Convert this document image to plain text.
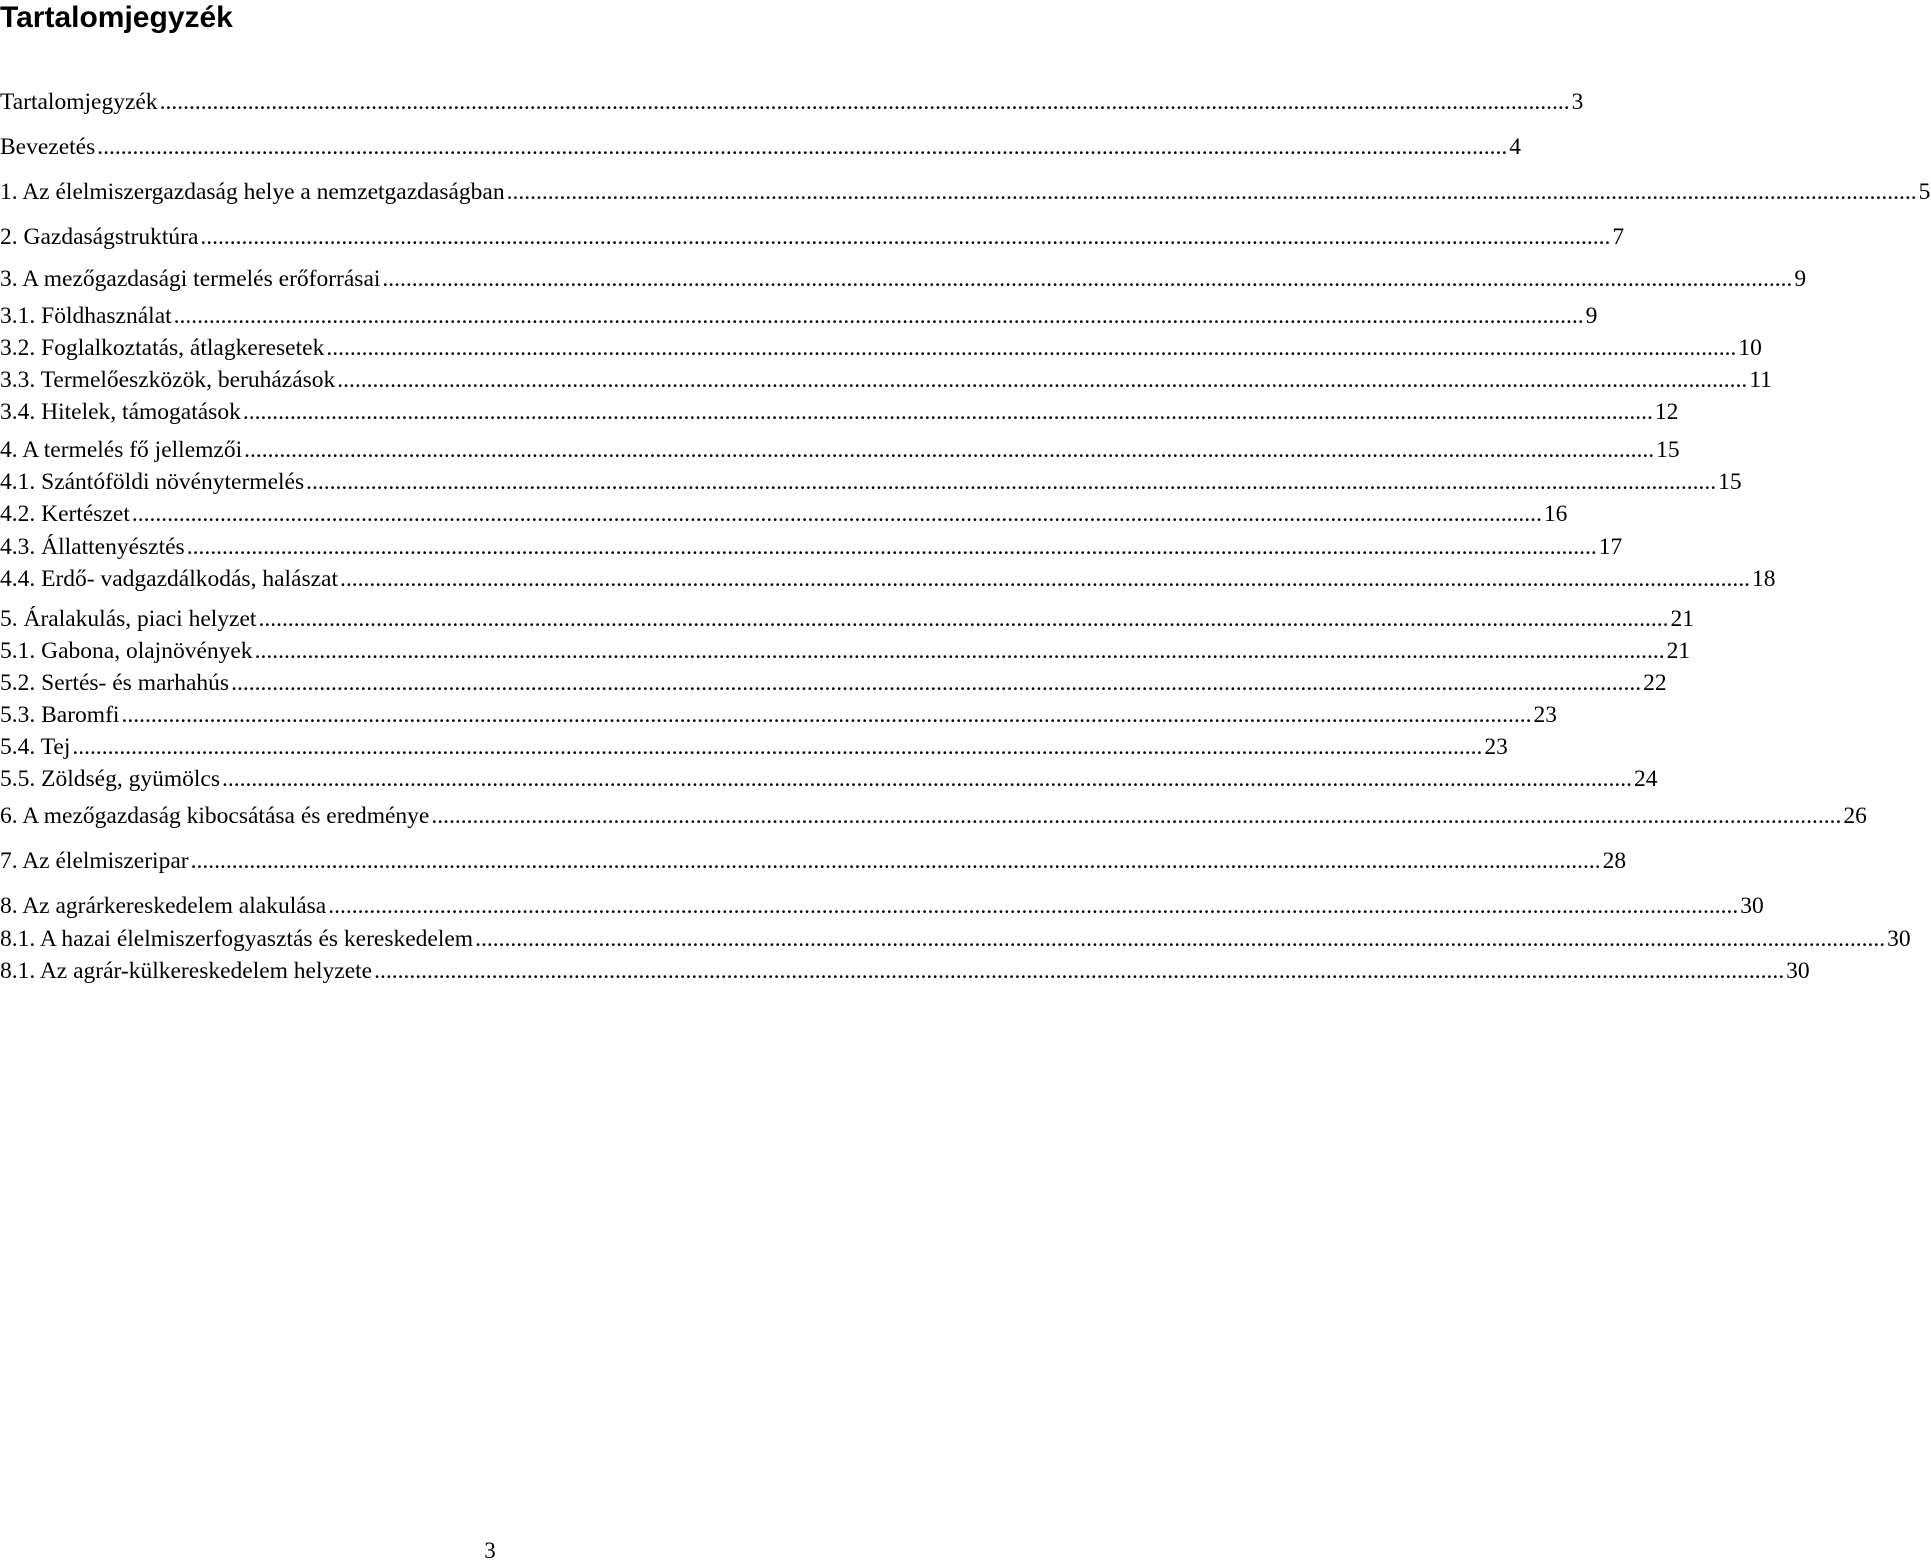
Tartalomjegyzék
Tartalomjegyzék ................................................................................................................................................................................................................................................ 3
Bevezetés ................................................................................................................................................................................................................................................ 4
1. Az élelmiszergazdaság helye a nemzetgazdaságban ................................................................................................................................................................................................................................................ 5
2. Gazdaságstruktúra ................................................................................................................................................................................................................................................ 7
3. A mezőgazdasági termelés erőforrásai ................................................................................................................................................................................................................................................ 9
3.1. Földhasználat ................................................................................................................................................................................................................................................ 9
3.2. Foglalkoztatás, átlagkeresetek ................................................................................................................................................................................................................................................ 10
3.3. Termelőeszközök, beruházások ................................................................................................................................................................................................................................................ 11
3.4. Hitelek, támogatások ................................................................................................................................................................................................................................................ 12
4. A termelés fő jellemzői ................................................................................................................................................................................................................................................ 15
4.1. Szántóföldi növénytermelés ................................................................................................................................................................................................................................................ 15
4.2. Kertészet ................................................................................................................................................................................................................................................ 16
4.3. Állattenyésztés ................................................................................................................................................................................................................................................ 17
4.4. Erdő- vadgazdálkodás, halászat ................................................................................................................................................................................................................................................ 18
5. Áralakulás, piaci helyzet ................................................................................................................................................................................................................................................ 21
5.1. Gabona, olajnövények ................................................................................................................................................................................................................................................ 21
5.2. Sertés- és marhahús ................................................................................................................................................................................................................................................ 22
5.3. Baromfi ................................................................................................................................................................................................................................................ 23
5.4. Tej ................................................................................................................................................................................................................................................ 23
5.5. Zöldség, gyümölcs ................................................................................................................................................................................................................................................ 24
6. A mezőgazdaság kibocsátása és eredménye ................................................................................................................................................................................................................................................ 26
7. Az élelmiszeripar ................................................................................................................................................................................................................................................ 28
8. Az agrárkereskedelem alakulása ................................................................................................................................................................................................................................................ 30
8.1. A hazai élelmiszerfogyasztás és kereskedelem ................................................................................................................................................................................................................................................ 30
8.1. Az agrár-külkereskedelem helyzete ................................................................................................................................................................................................................................................ 30

3
